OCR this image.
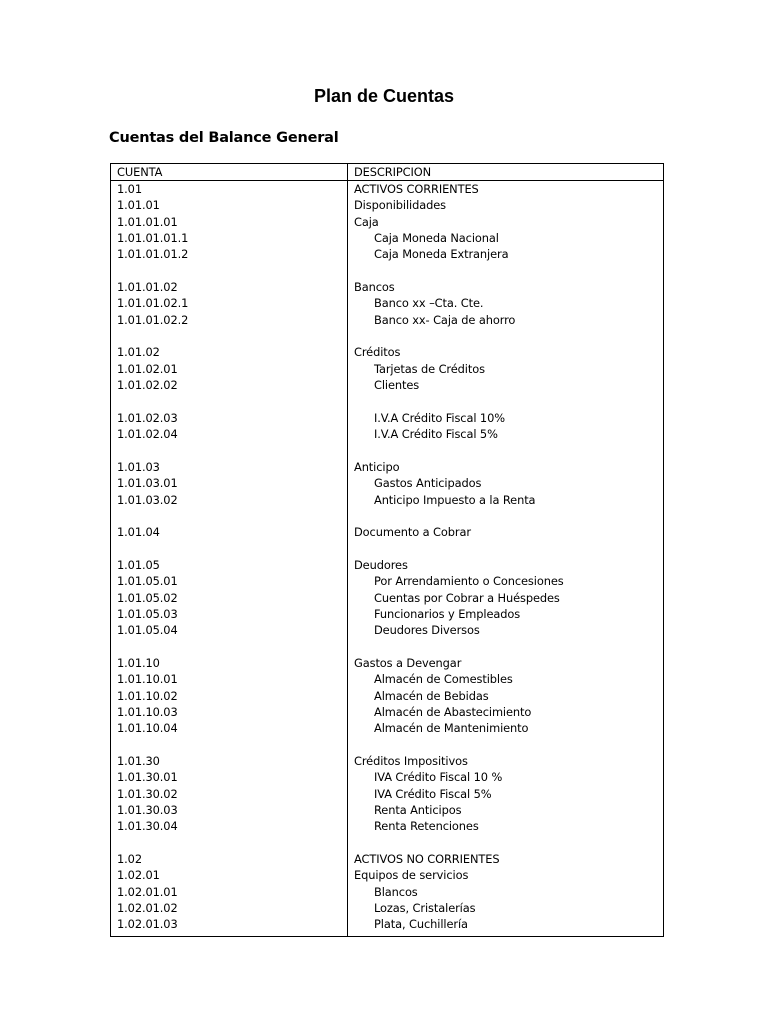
Plan de Cuentas
Cuentas del Balance General
CUENTA	DESCRIPCION
1.01	ACTIVOS CORRIENTES
1.01.01	Disponibilidades
1.01.01.01	Caja
1.01.01.01.1	Caja Moneda Nacional
1.01.01.01.2	Caja Moneda Extranjera
1.01.01.02	Bancos
1.01.01.02.1	Banco xx –Cta. Cte.
1.01.01.02.2	Banco xx- Caja de ahorro
1.01.02	Créditos
1.01.02.01	Tarjetas de Créditos
1.01.02.02	Clientes
1.01.02.03	I.V.A Crédito Fiscal 10%
1.01.02.04	I.V.A Crédito Fiscal 5%
1.01.03	Anticipo
1.01.03.01	Gastos Anticipados
1.01.03.02	Anticipo Impuesto a la Renta
1.01.04	Documento a Cobrar
1.01.05	Deudores
1.01.05.01	Por Arrendamiento o Concesiones
1.01.05.02	Cuentas por Cobrar a Huéspedes
1.01.05.03	Funcionarios y Empleados
1.01.05.04	Deudores Diversos
1.01.10	Gastos a Devengar
1.01.10.01	Almacén de Comestibles
1.01.10.02	Almacén de Bebidas
1.01.10.03	Almacén de Abastecimiento
1.01.10.04	Almacén de Mantenimiento
1.01.30	Créditos Impositivos
1.01.30.01	IVA Crédito Fiscal 10 %
1.01.30.02	IVA Crédito Fiscal 5%
1.01.30.03	Renta Anticipos
1.01.30.04	Renta Retenciones
1.02	ACTIVOS NO CORRIENTES
1.02.01	Equipos de servicios
1.02.01.01	Blancos
1.02.01.02	Lozas, Cristalerías
1.02.01.03	Plata, Cuchillería
